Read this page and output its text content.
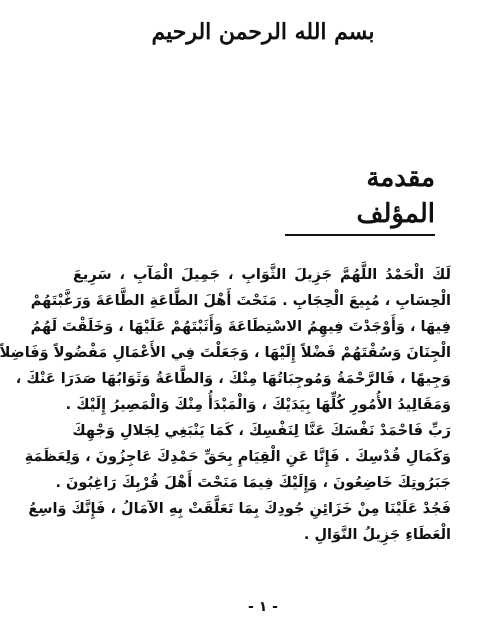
بسم الله الرحمن الرحيم
مقدمة المؤلف
لَكَ الْحَمْدُ اللَّهُمَّ جَزِيلَ الثَّوَابِ ، جَمِيلَ الْمَآبِ ، سَرِيعَ
الْحِسَابِ ، مُبِيعَ الْحِجَابِ . مَنَحْتَ أَهْلَ الطَّاعَةِ الطَّاعَةَ وَرَغَّبْتَهُمْ
فِيهَا ، وَأَوْجَدْتَ فِيهِمُ الاسْتِطَاعَةَ وَأَثَبْتَهُمْ عَلَيْهَا ، وَخَلَقْتَ لَهُمُ
الْجِنَانَ وَسُقْتَهُمْ فَضْلاً إِلَيْهَا ، وَجَعَلْتَ فِي الأَعْمَالِ مَفْضُولاً وَفَاضِلاً
وَجِيهًا ، فَالرَّحْمَةُ وَمُوجِبَاتُهَا مِنْكَ ، وَالطَّاعَةُ وَثَوَابُهَا صَدَرَا عَنْكَ ،
وَمَقَالِيدُ الأُمُورِ كُلِّهَا بِيَدَيْكَ ، وَالْمَبْدَأُ مِنْكَ وَالْمَصِيرُ إِلَيْكَ .
رَبِّ فَاحْمَدْ نَفْسَكَ عَنَّا لِنَفْسِكَ ، كَمَا يَنْبَغِي لِجَلالِ وَجْهِكَ
وَكَمَالِ قُدْسِكَ . فَإِنَّا عَنِ الْقِيَامِ بِحَقِّ حَمْدِكَ عَاجِزُونَ ، وَلِعَظَمَةِ
جَبَرُوتِكَ خَاضِعُونَ ، وَإِلَيْكَ فِيمَا مَنَحْتَ أَهْلَ قُرْبِكَ رَاغِبُونَ .
فَجُدْ عَلَيْنَا مِنْ خَزَائِنِ جُودِكَ بِمَا تَعَلَّقَتْ بِهِ الآمَالُ ، فَإِنَّكَ وَاسِعُ
الْعَطَاءِ جَزِيلُ النَّوَالِ .
- ١ -
